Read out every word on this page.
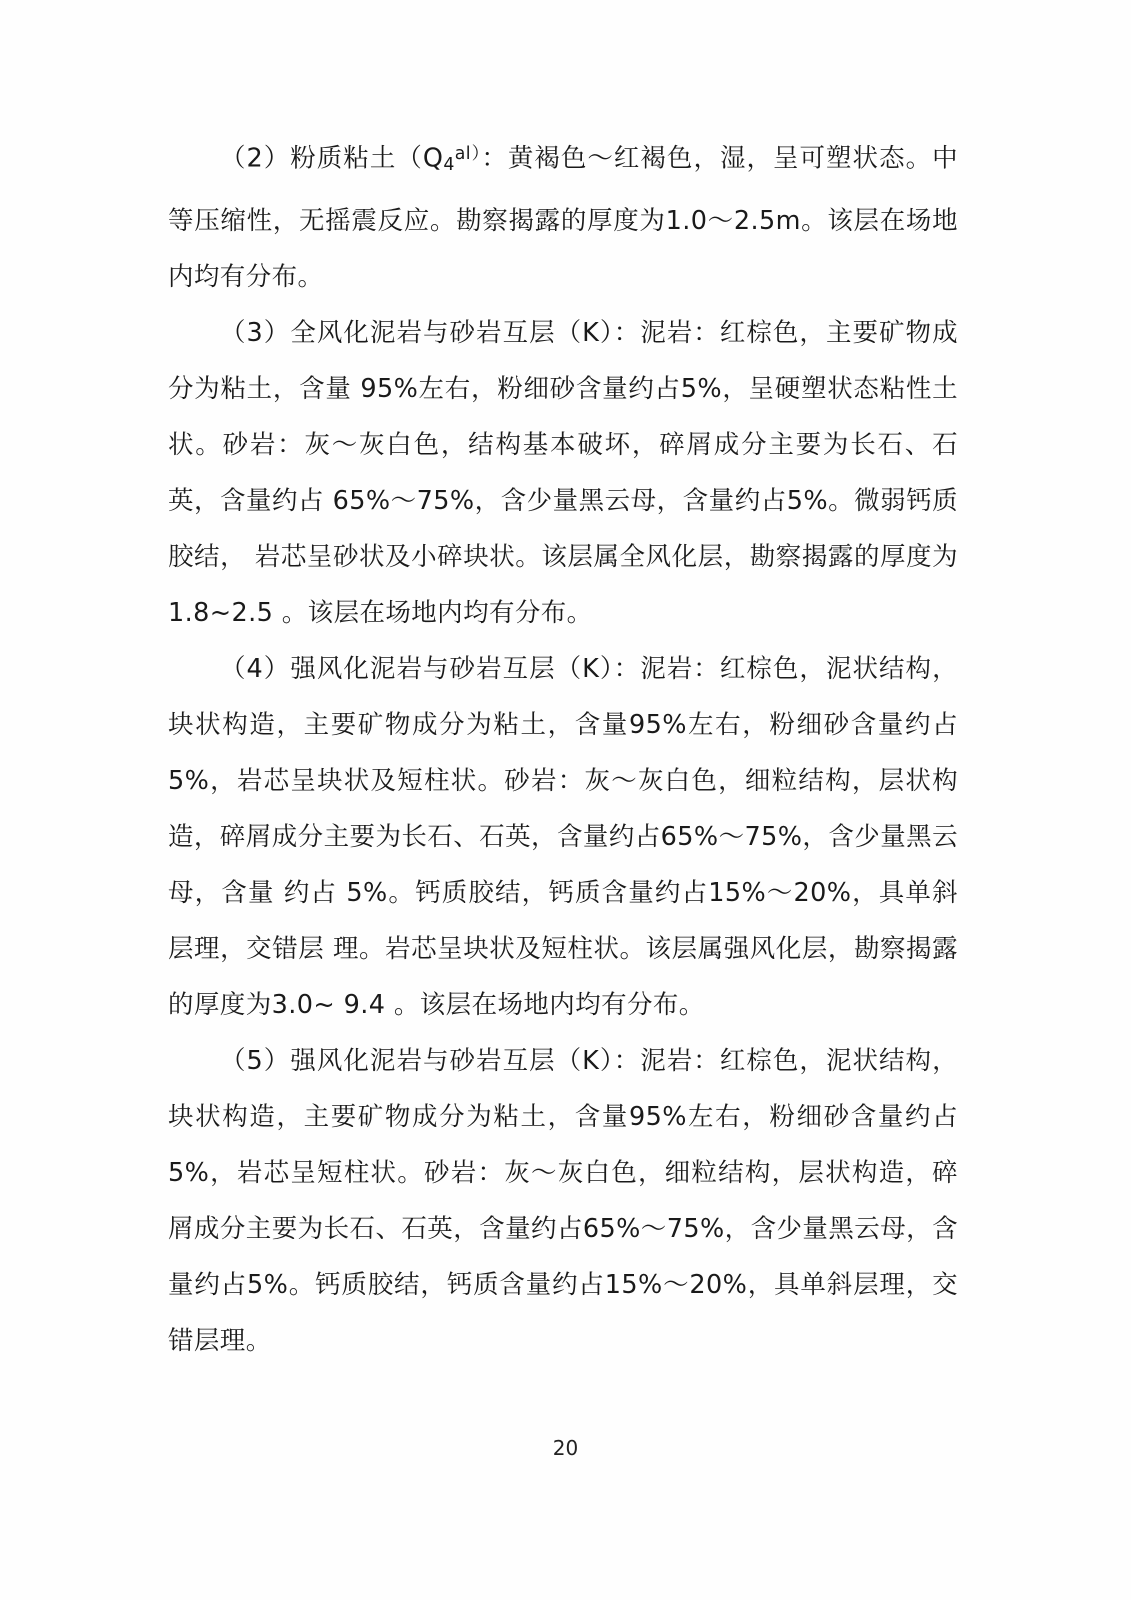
（2）粉质粘土（$Q_4^{al)}$：黄褐色～红褐色，湿，呈可塑状态。中等压缩性，无摇震反应。勘察揭露的厚度为1.0～2.5m。该层在场地内均有分布。

（3）全风化泥岩与砂岩互层（K）：泥岩：红棕色，主要矿物成分为粘土，含量 95%左右，粉细砂含量约占5%，呈硬塑状态粘性土状。砂岩：灰～灰白色，结构基本破坏，碎屑成分主要为长石、石英，含量约占 65%～75%，含少量黑云母，含量约占5%。微弱钙质胶结， 岩芯呈砂状及小碎块状。该层属全风化层，勘察揭露的厚度为 1.8~2.5 。该层在场地内均有分布。

（4）强风化泥岩与砂岩互层（K）：泥岩：红棕色，泥状结构，块状构造，主要矿物成分为粘土，含量95%左右，粉细砂含量约占5%，岩芯呈块状及短柱状。砂岩：灰～灰白色，细粒结构，层状构造，碎屑成分主要为长石、石英，含量约占65%～75%，含少量黑云母，含量 约占 5%。钙质胶结，钙质含量约占15%～20%，具单斜层理，交错层 理。岩芯呈块状及短柱状。该层属强风化层，勘察揭露的厚度为3.0~ 9.4 。该层在场地内均有分布。

（5）强风化泥岩与砂岩互层（K）：泥岩：红棕色，泥状结构，块状构造，主要矿物成分为粘土，含量95%左右，粉细砂含量约占5%，岩芯呈短柱状。砂岩：灰～灰白色，细粒结构，层状构造，碎屑成分主要为长石、石英，含量约占65%～75%，含少量黑云母，含量约占5%。钙质胶结，钙质含量约占15%～20%，具单斜层理，交错层理。

20
